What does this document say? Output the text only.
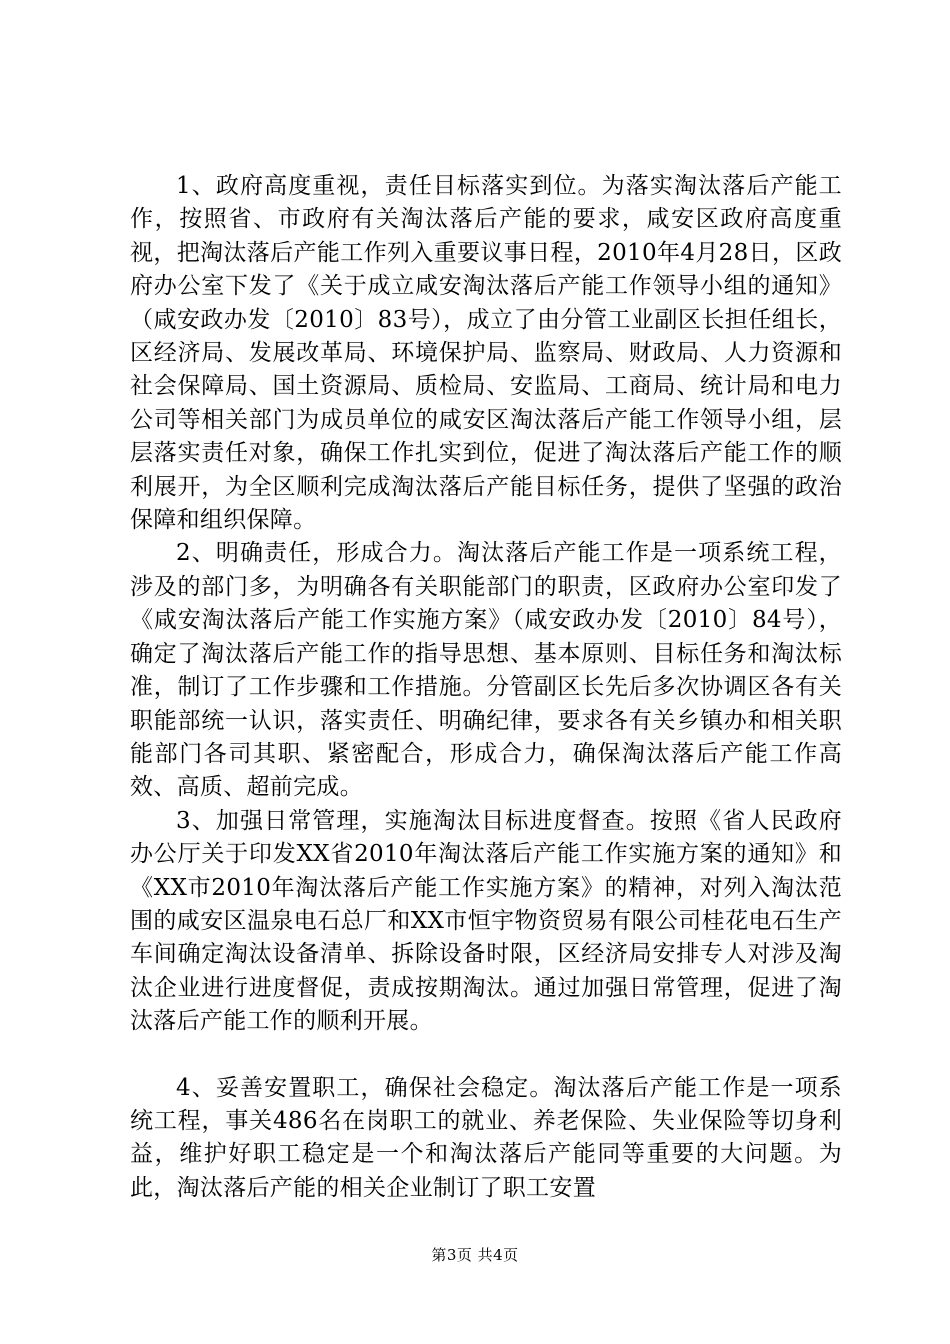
1、政府高度重视，责任目标落实到位。为落实淘汰落后产能工作，按照省、市政府有关淘汰落后产能的要求，咸安区政府高度重视，把淘汰落后产能工作列入重要议事日程，2010年4月28日，区政府办公室下发了《关于成立咸安淘汰落后产能工作领导小组的通知》（咸安政办发〔2010〕83号），成立了由分管工业副区长担任组长，区经济局、发展改革局、环境保护局、监察局、财政局、人力资源和社会保障局、国土资源局、质检局、安监局、工商局、统计局和电力公司等相关部门为成员单位的咸安区淘汰落后产能工作领导小组，层层落实责任对象，确保工作扎实到位，促进了淘汰落后产能工作的顺利展开，为全区顺利完成淘汰落后产能目标任务，提供了坚强的政治保障和组织保障。

2、明确责任，形成合力。淘汰落后产能工作是一项系统工程，涉及的部门多，为明确各有关职能部门的职责，区政府办公室印发了《咸安淘汰落后产能工作实施方案》（咸安政办发〔2010〕84号），确定了淘汰落后产能工作的指导思想、基本原则、目标任务和淘汰标准，制订了工作步骤和工作措施。分管副区长先后多次协调区各有关职能部统一认识，落实责任、明确纪律，要求各有关乡镇办和相关职能部门各司其职、紧密配合，形成合力，确保淘汰落后产能工作高效、高质、超前完成。

3、加强日常管理，实施淘汰目标进度督查。按照《省人民政府办公厅关于印发XX省2010年淘汰落后产能工作实施方案的通知》和《XX市2010年淘汰落后产能工作实施方案》的精神，对列入淘汰范围的咸安区温泉电石总厂和XX市恒宇物资贸易有限公司桂花电石生产车间确定淘汰设备清单、拆除设备时限，区经济局安排专人对涉及淘汰企业进行进度督促，责成按期淘汰。通过加强日常管理，促进了淘汰落后产能工作的顺利开展。

4、妥善安置职工，确保社会稳定。淘汰落后产能工作是一项系统工程，事关486名在岗职工的就业、养老保险、失业保险等切身利益，维护好职工稳定是一个和淘汰落后产能同等重要的大问题。为此，淘汰落后产能的相关企业制订了职工安置

第3页 共4页
